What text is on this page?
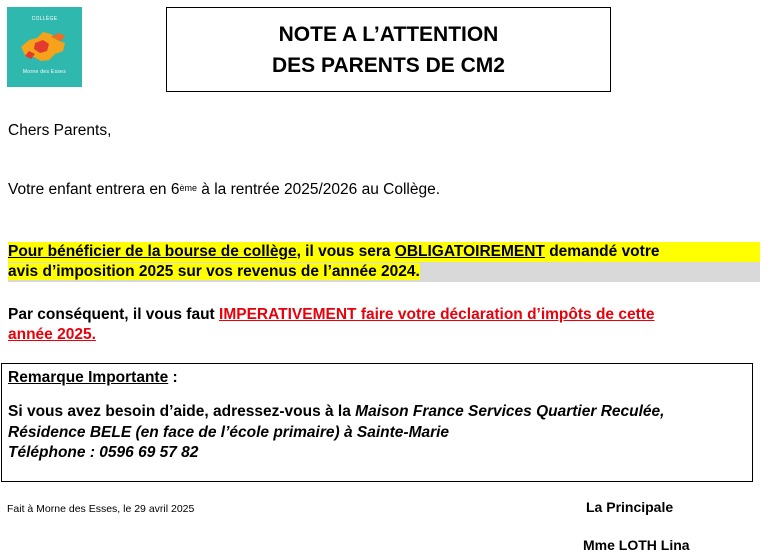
COLLÈGE
Morne des Esses
NOTE A L’ATTENTION
DES PARENTS DE CM2
Chers Parents,
Votre enfant entrera en 6ème à la rentrée 2025/2026 au Collège.
Pour bénéficier de la bourse de collège, il vous sera OBLIGATOIREMENT demandé votre
avis d’imposition 2025 sur vos revenus de l’année 2024.
Par conséquent, il vous faut IMPERATIVEMENT faire votre déclaration d’impôts de cette
année 2025.
Remarque Importante :
Si vous avez besoin d’aide, adressez-vous à la Maison France Services Quartier Reculée,
Résidence BELE (en face de l’école primaire) à Sainte-Marie
Téléphone : 0596 69 57 82
Fait à Morne des Esses, le 29 avril 2025	La Principale
Mme LOTH Lina
